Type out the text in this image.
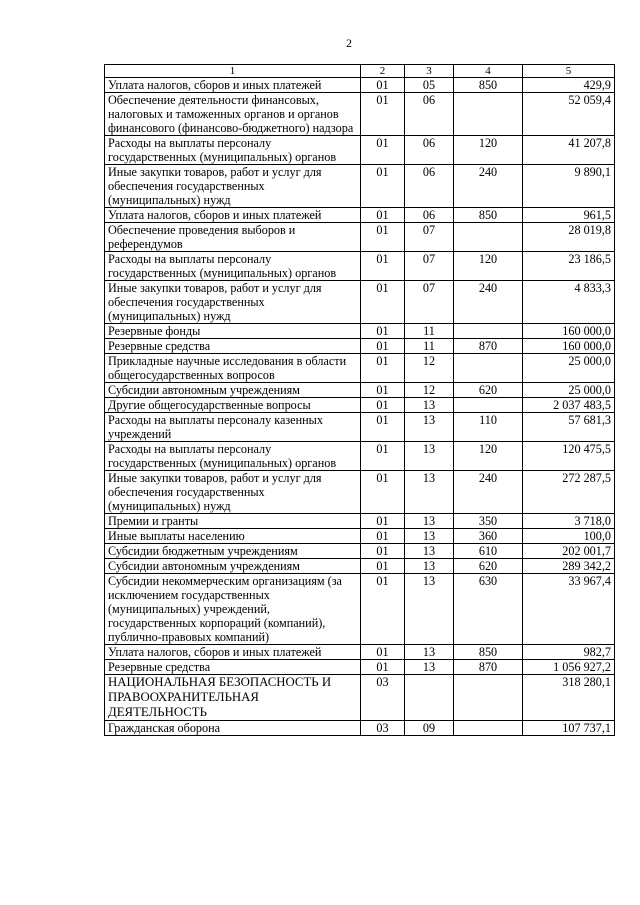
2
1	2	3	4	5
Уплата налогов, сборов и иных платежей	01	05	850	429,9
Обеспечение деятельности финансовых, налоговых и таможенных органов и органов финансового (финансово-бюджетного) надзора	01	06		52 059,4
Расходы на выплаты персоналу государственных (муниципальных) органов	01	06	120	41 207,8
Иные закупки товаров, работ и услуг для обеспечения государственных (муниципальных) нужд	01	06	240	9 890,1
Уплата налогов, сборов и иных платежей	01	06	850	961,5
Обеспечение проведения выборов и референдумов	01	07		28 019,8
Расходы на выплаты персоналу государственных (муниципальных) органов	01	07	120	23 186,5
Иные закупки товаров, работ и услуг для обеспечения государственных (муниципальных) нужд	01	07	240	4 833,3
Резервные фонды	01	11		160 000,0
Резервные средства	01	11	870	160 000,0
Прикладные научные исследования в области общегосударственных вопросов	01	12		25 000,0
Субсидии автономным учреждениям	01	12	620	25 000,0
Другие общегосударственные вопросы	01	13		2 037 483,5
Расходы на выплаты персоналу казенных учреждений	01	13	110	57 681,3
Расходы на выплаты персоналу государственных (муниципальных) органов	01	13	120	120 475,5
Иные закупки товаров, работ и услуг для обеспечения государственных (муниципальных) нужд	01	13	240	272 287,5
Премии и гранты	01	13	350	3 718,0
Иные выплаты населению	01	13	360	100,0
Субсидии бюджетным учреждениям	01	13	610	202 001,7
Субсидии автономным учреждениям	01	13	620	289 342,2
Субсидии некоммерческим организациям (за исключением государственных (муниципальных) учреждений, государственных корпораций (компаний), публично-правовых компаний)	01	13	630	33 967,4
Уплата налогов, сборов и иных платежей	01	13	850	982,7
Резервные средства	01	13	870	1 056 927,2
НАЦИОНАЛЬНАЯ БЕЗОПАСНОСТЬ И ПРАВООХРАНИТЕЛЬНАЯ ДЕЯТЕЛЬНОСТЬ	03			318 280,1
Гражданская оборона	03	09		107 737,1
